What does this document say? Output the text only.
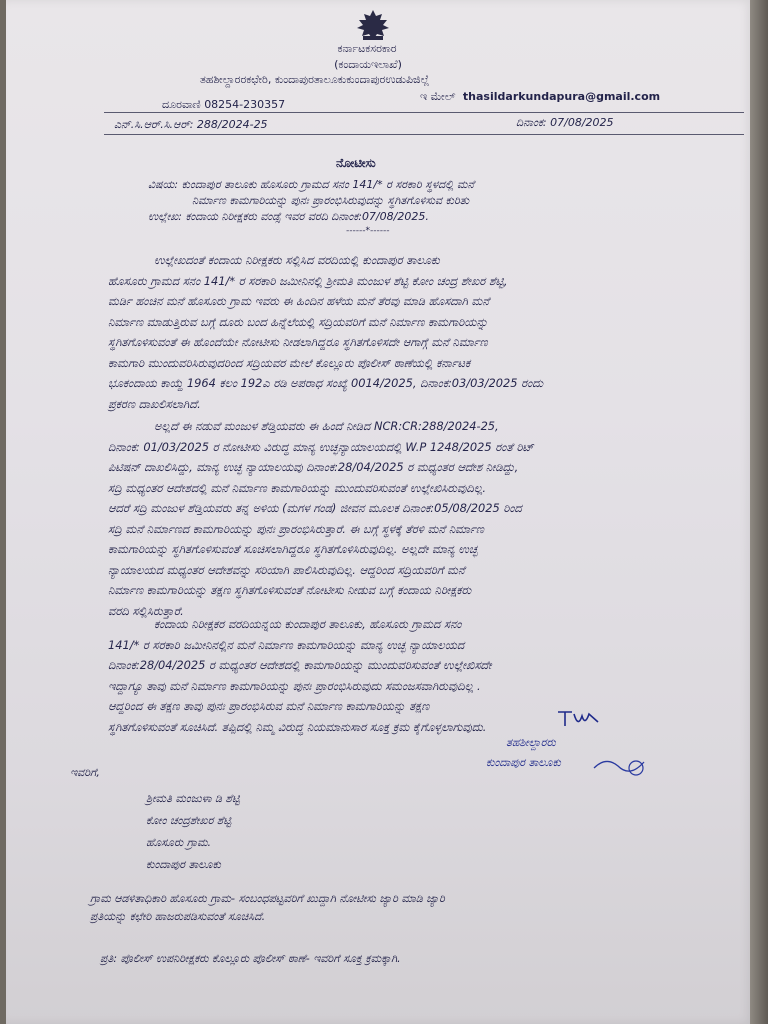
ಕರ್ನಾಟಕಸರಕಾರ
(ಕಂದಾಯಇಲಾಖೆ)
ತಹಶೀಲ್ದಾರರಕಛೇರಿ, ಕುಂದಾಪುರತಾಲೂಕುಕುಂದಾಪುರಉಡುಪಿಜಿಲ್ಲೆ
ದೂರವಾಣಿ 08254-230357
ಇ ಮೇಲ್ thasildarkundapura@gmail.com
ಎನ್.ಸಿ.ಆರ್.ಸಿ.ಆರ್: 288/2024-25	ದಿನಾಂಕ: 07/08/2025
ನೋಟೀಸು
ವಿಷಯ: ಕುಂದಾಪುರ ತಾಲೂಕು ಹೊಸೂರು ಗ್ರಾಮದ ಸನಂ 141/* ರ ಸರಕಾರಿ ಸ್ಥಳದಲ್ಲಿ ಮನೆ
ನಿರ್ಮಾಣ ಕಾಮಗಾರಿಯನ್ನು ಪುನಃ ಪ್ರಾರಂಭಿಸಿರುವುದನ್ನು ಸ್ಥಗಿತಗೊಳಿಸುವ ಕುರಿತು
ಉಲ್ಲೇಖ: ಕಂದಾಯ ನಿರೀಕ್ಷಕರು ವಂಡ್ಸೆ ಇವರ ವರದಿ ದಿನಾಂಕ:07/08/2025.
------*------

ಉಲ್ಲೇಖದಂತೆ ಕಂದಾಯ ನಿರೀಕ್ಷಕರು ಸಲ್ಲಿಸಿದ ವರದಿಯಲ್ಲಿ ಕುಂದಾಪುರ ತಾಲೂಕು

ಹೊಸೂರು ಗ್ರಾಮದ ಸನಂ 141/* ರ ಸರಕಾರಿ ಜಮೀನಿನಲ್ಲಿ ಶ್ರೀಮತಿ ಮಂಜುಳ ಶೆಟ್ಟಿ ಕೋಂ ಚಂದ್ರ ಶೇಖರ ಶೆಟ್ಟಿ,

ಮರ್ಡಿ ಹಂಚಿನ ಮನೆ ಹೊಸೂರು ಗ್ರಾಮ ಇವರು ಈ ಹಿಂದಿನ ಹಳೆಯ ಮನೆ ತೆರವು ಮಾಡಿ ಹೊಸದಾಗಿ ಮನೆ

ನಿರ್ಮಾಣ ಮಾಡುತ್ತಿರುವ ಬಗ್ಗೆ ದೂರು ಬಂದ ಹಿನ್ನೆಲೆಯಲ್ಲಿ ಸದ್ರಿಯವರಿಗೆ ಮನೆ ನಿರ್ಮಾಣ ಕಾಮಗಾರಿಯನ್ನು

ಸ್ಥಗಿತಗೊಳಿಸುವಂತೆ ಈ ಹೊಂದೆಯೇ ನೋಟೀಸು ನೀಡಲಾಗಿದ್ದರೂ ಸ್ಥಗಿತಗೊಳಿಸದೇ ಆಗಾಗ್ಗೆ ಮನೆ ನಿರ್ಮಾಣ

ಕಾಮಗಾರಿ ಮುಂದುವರಿಸಿರುವುದರಿಂದ ಸದ್ರಿಯವರ ಮೇಲೆ ಕೊಲ್ಲೂರು ಪೊಲೀಸ್ ಠಾಣೆಯಲ್ಲಿ ಕರ್ನಾಟಕ

ಭೂಕಂದಾಯ ಕಾಯ್ದೆ 1964 ಕಲಂ 192ಎ ರಡಿ ಅಪರಾಧ ಸಂಖ್ಯೆ 0014/2025, ದಿನಾಂಕ:03/03/2025 ರಂದು

ಪ್ರಕರಣ ದಾಖಲಿಸಲಾಗಿದೆ.

ಅಲ್ಲದೆ ಈ ನಡುವೆ ಮಂಜುಳ ಶೆಡ್ತಿಯವರು ಈ ಹಿಂದೆ ನೀಡಿದ NCR:CR:288/2024-25,

ದಿನಾಂಕ: 01/03/2025 ರ ನೋಟೀಸು ವಿರುದ್ಧ ಮಾನ್ಯ ಉಚ್ಛನ್ಯಾಯಾಲಯದಲ್ಲಿ W.P 1248/2025 ರಂತೆ ರಿಟ್

ಪಿಟಿಷನ್ ದಾಖಲಿಸಿದ್ದು, ಮಾನ್ಯ ಉಚ್ಛ ನ್ಯಾಯಾಲಯವು ದಿನಾಂಕ:28/04/2025 ರ ಮಧ್ಯಂತರ ಆದೇಶ ನೀಡಿದ್ದು,

ಸದ್ರಿ ಮಧ್ಯಂತರ ಆದೇಶದಲ್ಲಿ ಮನೆ ನಿರ್ಮಾಣ ಕಾಮಗಾರಿಯನ್ನು ಮುಂದುವರಿಸುವಂತೆ ಉಲ್ಲೇಖಿಸಿರುವುದಿಲ್ಲ.

ಆದರೆ ಸದ್ರಿ ಮಂಜುಳ ಶೆಡ್ತಿಯವರು ತನ್ನ ಅಳಿಯ (ಮಗಳ ಗಂಡ) ಜೀವನ ಮೂಲಕ ದಿನಾಂಕ:05/08/2025 ರಿಂದ

ಸದ್ರಿ ಮನೆ ನಿರ್ಮಾಣದ ಕಾಮಗಾರಿಯನ್ನು ಪುನಃ ಪ್ರಾರಂಭಿಸಿರುತ್ತಾರೆ. ಈ ಬಗ್ಗೆ ಸ್ಥಳಕ್ಕೆ ತೆರಳಿ ಮನೆ ನಿರ್ಮಾಣ

ಕಾಮಗಾರಿಯನ್ನು ಸ್ಥಗಿತಗೊಳಿಸುವಂತೆ ಸೂಚಿಸಲಾಗಿದ್ದರೂ ಸ್ಥಗಿತಗೊಳಿಸಿರುವುದಿಲ್ಲ. ಅಲ್ಲದೇ ಮಾನ್ಯ ಉಚ್ಛ

ನ್ಯಾಯಾಲಯದ ಮಧ್ಯಂತರ ಆದೇಶವನ್ನು ಸರಿಯಾಗಿ ಪಾಲಿಸಿರುವುದಿಲ್ಲ. ಆದ್ದರಿಂದ ಸದ್ರಿಯವರಿಗೆ ಮನೆ

ನಿರ್ಮಾಣ ಕಾಮಗಾರಿಯನ್ನು ತಕ್ಷಣ ಸ್ಥಗಿತಗೊಳಿಸುವಂತೆ ನೋಟೀಸು ನೀಡುವ ಬಗ್ಗೆ ಕಂದಾಯ ನಿರೀಕ್ಷಕರು

ವರದಿ ಸಲ್ಲಿಸಿರುತ್ತಾರೆ.

ಕಂದಾಯ ನಿರೀಕ್ಷಕರ ವರದಿಯನ್ನಯ ಕುಂದಾಪುರ ತಾಲೂಕು, ಹೊಸೂರು ಗ್ರಾಮದ ಸನಂ

141/* ರ ಸರಕಾರಿ ಜಮೀನಿನಲ್ಲಿನ ಮನೆ ನಿರ್ಮಾಣ ಕಾಮಗಾರಿಯನ್ನು ಮಾನ್ಯ ಉಚ್ಛ ನ್ಯಾಯಾಲಯದ

ದಿನಾಂಕ:28/04/2025 ರ ಮಧ್ಯಂತರ ಆದೇಶದಲ್ಲಿ ಕಾಮಗಾರಿಯನ್ನು ಮುಂದುವರಿಸುವಂತೆ ಉಲ್ಲೇಖಿಸದೇ

ಇದ್ದಾಗ್ಯೂ ತಾವು ಮನೆ ನಿರ್ಮಾಣ ಕಾಮಗಾರಿಯನ್ನು ಪುನಃ ಪ್ರಾರಂಭಿಸಿರುವುದು ಸಮಂಜಸವಾಗಿರುವುದಿಲ್ಲ .

ಆದ್ದರಿಂದ ಈ ತಕ್ಷಣ ತಾವು ಪುನಃ ಪ್ರಾರಂಭಿಸಿರುವ ಮನೆ ನಿರ್ಮಾಣ ಕಾಮಗಾರಿಯನ್ನು ತಕ್ಷಣ

ಸ್ಥಗಿತಗೊಳಿಸುವಂತೆ ಸೂಚಿಸಿದೆ. ತಪ್ಪಿದಲ್ಲಿ ನಿಮ್ಮ ವಿರುದ್ಧ ನಿಯಮಾನುಸಾರ ಸೂಕ್ತ ಕ್ರಮ ಕೈಗೊಳ್ಳಲಾಗುವುದು.

ತಹಶೀಲ್ದಾರರು
ಕುಂದಾಪುರ ತಾಲೂಕು
ಇವರಿಗೆ,

ಶ್ರೀಮತಿ ಮಂಜುಳಾ ಡಿ ಶೆಟ್ಟಿ

ಕೋಂ ಚಂದ್ರಶೇಖರ ಶೆಟ್ಟಿ

ಹೊಸೂರು ಗ್ರಾಮ.

ಕುಂದಾಪುರ ತಾಲೂಕು

ಗ್ರಾಮ ಆಡಳಿತಾಧಿಕಾರಿ ಹೊಸೂರು ಗ್ರಾಮ- ಸಂಬಂಧಪಟ್ಟವರಿಗೆ ಖುದ್ದಾಗಿ ನೋಟೀಸು ಜ್ಯಾರಿ ಮಾಡಿ ಜ್ಯಾರಿ
ಪ್ರತಿಯನ್ನು ಕಛೇರಿ ಹಾಜರುಪಡಿಸುವಂತೆ ಸೂಚಿಸಿದೆ.
ಪ್ರತಿ: ಪೊಲೀಸ್ ಉಪನಿರೀಕ್ಷಕರು ಕೊಲ್ಲೂರು ಪೊಲೀಸ್ ಠಾಣೆ- ಇವರಿಗೆ ಸೂಕ್ತ ಕ್ರಮಕ್ಕಾಗಿ.
